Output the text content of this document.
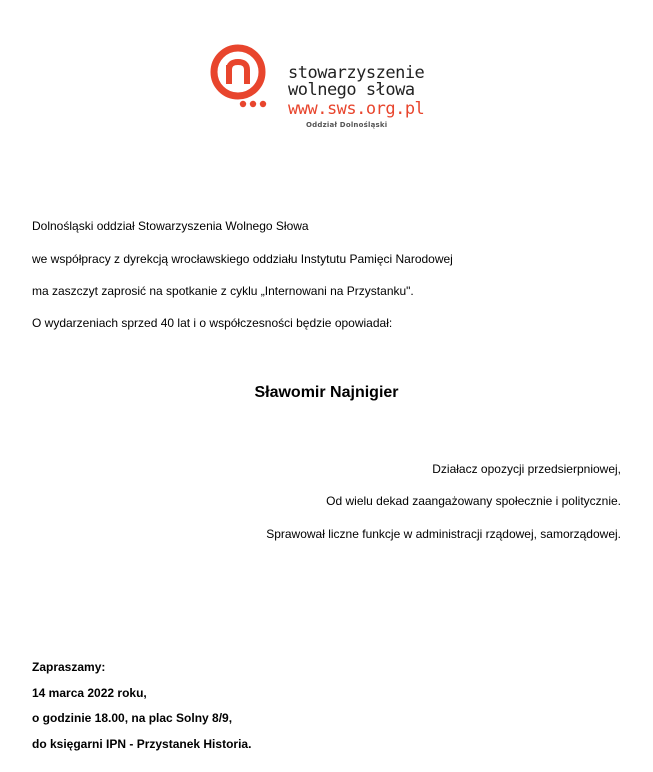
stowarzyszenie
wolnego słowa
www.sws.org.pl
Oddział Dolnośląski
Dolnośląski oddział Stowarzyszenia Wolnego Słowa
we współpracy z dyrekcją wrocławskiego oddziału Instytutu Pamięci Narodowej
ma zaszczyt zaprosić na spotkanie z cyklu „Internowani na Przystanku".
O wydarzeniach sprzed 40 lat i o współczesności będzie opowiadał:
Sławomir Najnigier
Działacz opozycji przedsierpniowej,
Od wielu dekad zaangażowany społecznie i politycznie.
Sprawował liczne funkcje w administracji rządowej, samorządowej.
Zapraszamy:
14 marca 2022 roku,
o godzinie 18.00, na plac Solny 8/9,
do księgarni IPN - Przystanek Historia.
